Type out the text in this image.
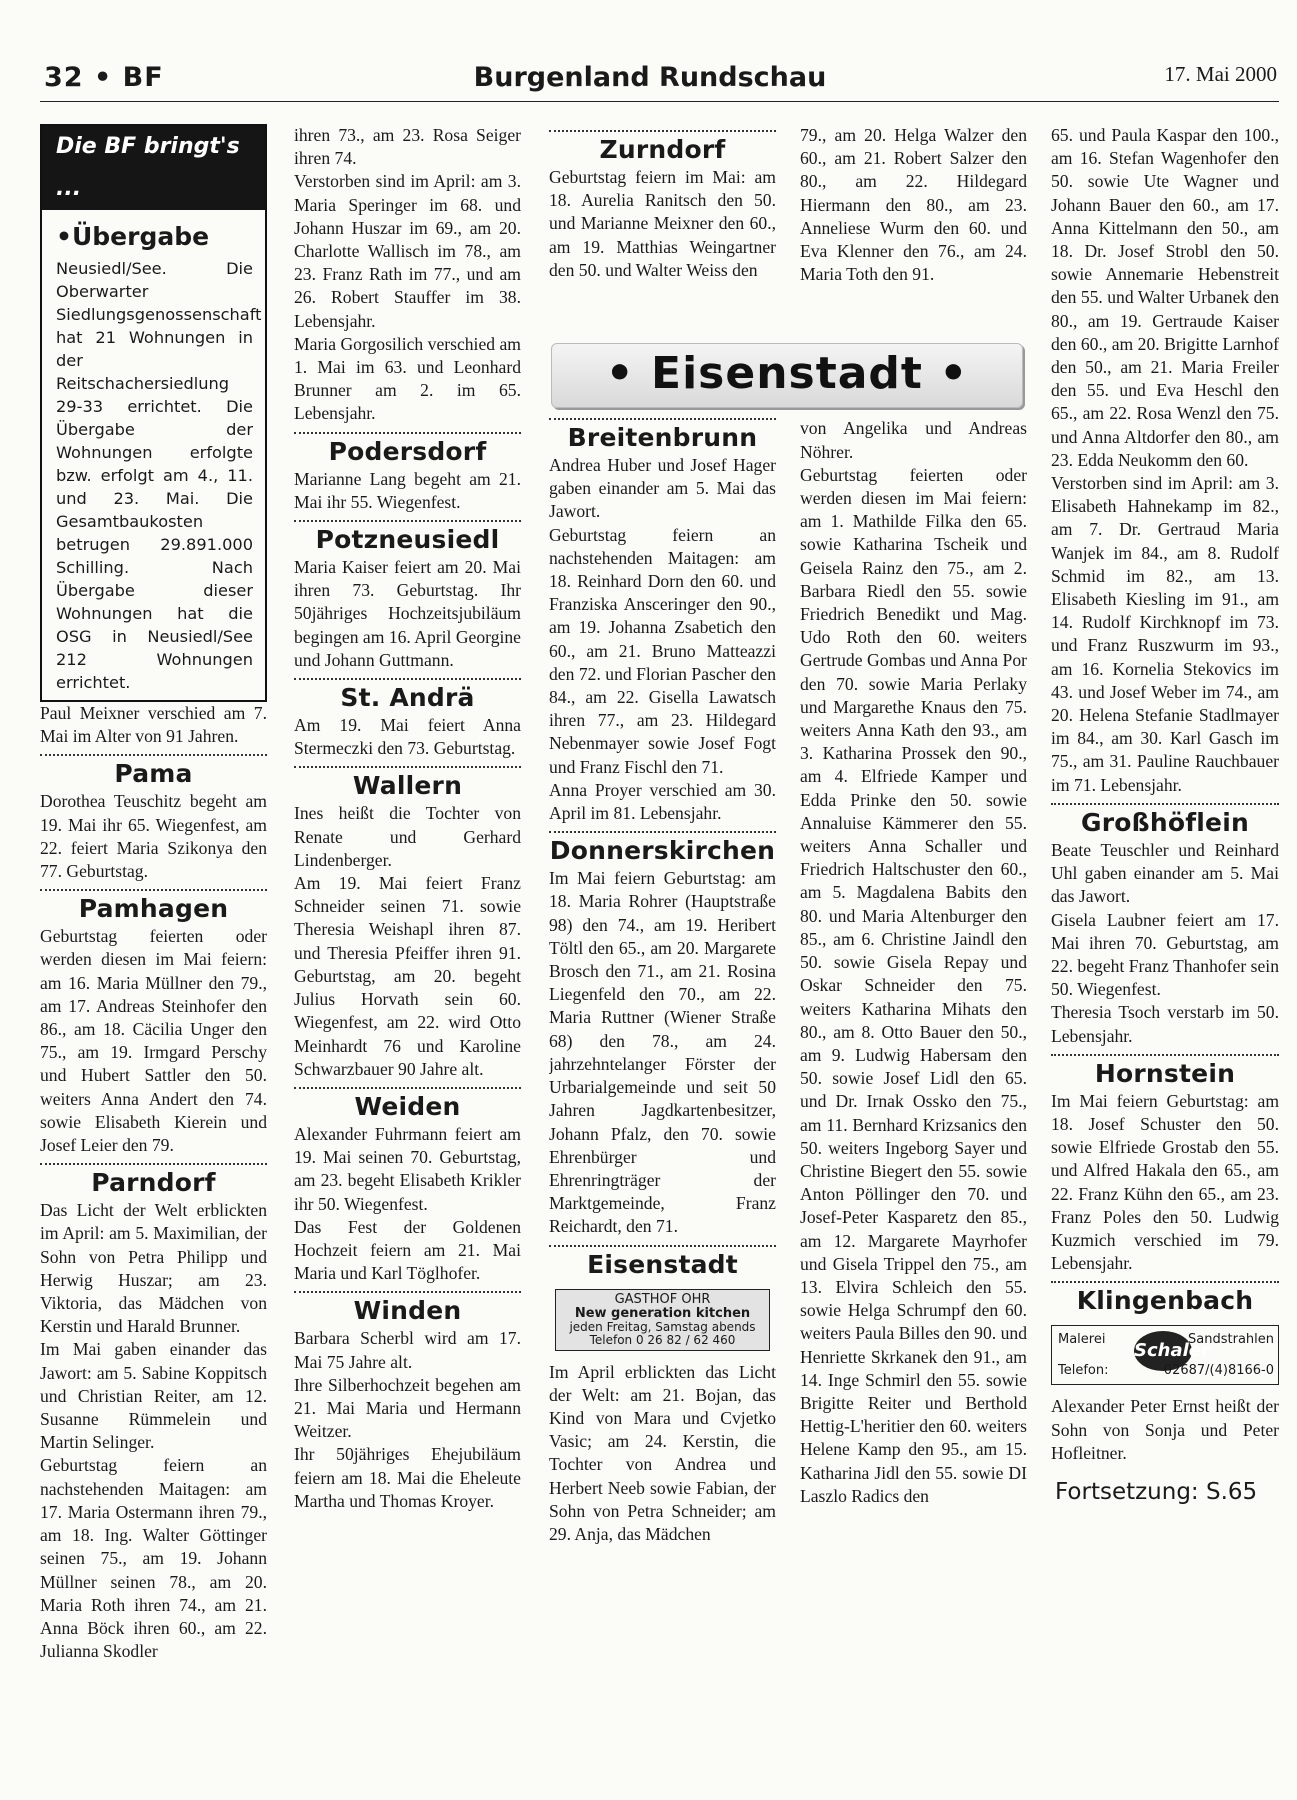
32 • BF	Burgenland Rundschau	17. Mai 2000
Die BF bringt's ...
•Übergabe
Neusiedl/See. Die Oberwarter Siedlungsgenossenschaft hat 21 Wohnungen in der Reitschachersiedlung 29-33 errichtet. Die Übergabe der Wohnungen erfolgte bzw. erfolgt am 4., 11. und 23. Mai. Die Gesamtbaukosten betrugen 29.891.000 Schilling. Nach Übergabe dieser Wohnungen hat die OSG in Neusiedl/See 212 Wohnungen errichtet.

Paul Meixner verschied am 7. Mai im Alter von 91 Jahren.

Pama

Dorothea Teuschitz begeht am 19. Mai ihr 65. Wiegenfest, am 22. feiert Maria Szikonya den 77. Geburtstag.

Pamhagen

Geburtstag feierten oder werden diesen im Mai feiern: am 16. Maria Müllner den 79., am 17. Andreas Steinhofer den 86., am 18. Cäcilia Unger den 75., am 19. Irmgard Perschy und Hubert Sattler den 50. weiters Anna Andert den 74. sowie Elisabeth Kierein und Josef Leier den 79.

Parndorf

Das Licht der Welt erblickten im April: am 5. Maximilian, der Sohn von Petra Philipp und Herwig Huszar; am 23. Viktoria, das Mädchen von Kerstin und Harald Brunner.

Im Mai gaben einander das Jawort: am 5. Sabine Koppitsch und Christian Reiter, am 12. Susanne Rümmelein und Martin Selinger.

Geburtstag feiern an nachstehenden Maitagen: am 17. Maria Ostermann ihren 79., am 18. Ing. Walter Göttinger seinen 75., am 19. Johann Müllner seinen 78., am 20. Maria Roth ihren 74., am 21. Anna Böck ihren 60., am 22. Julianna Skodler

ihren 73., am 23. Rosa Seiger ihren 74.

Verstorben sind im April: am 3. Maria Speringer im 68. und Johann Huszar im 69., am 20. Charlotte Wallisch im 78., am 23. Franz Rath im 77., und am 26. Robert Stauffer im 38. Lebensjahr.

Maria Gorgosilich verschied am 1. Mai im 63. und Leonhard Brunner am 2. im 65. Lebensjahr.

Podersdorf

Marianne Lang begeht am 21. Mai ihr 55. Wiegenfest.

Potzneusiedl

Maria Kaiser feiert am 20. Mai ihren 73. Geburtstag. Ihr 50jähriges Hochzeitsjubiläum begingen am 16. April Georgine und Johann Guttmann.

St. Andrä

Am 19. Mai feiert Anna Stermeczki den 73. Geburtstag.

Wallern

Ines heißt die Tochter von Renate und Gerhard Lindenberger.

Am 19. Mai feiert Franz Schneider seinen 71. sowie Theresia Weishapl ihren 87. und Theresia Pfeiffer ihren 91. Geburtstag, am 20. begeht Julius Horvath sein 60. Wiegenfest, am 22. wird Otto Meinhardt 76 und Karoline Schwarzbauer 90 Jahre alt.

Weiden

Alexander Fuhrmann feiert am 19. Mai seinen 70. Geburtstag, am 23. begeht Elisabeth Krikler ihr 50. Wiegenfest.

Das Fest der Goldenen Hochzeit feiern am 21. Mai Maria und Karl Töglhofer.

Winden

Barbara Scherbl wird am 17. Mai 75 Jahre alt.

Ihre Silberhochzeit begehen am 21. Mai Maria und Hermann Weitzer.

Ihr 50jähriges Ehejubiläum feiern am 18. Mai die Eheleute Martha und Thomas Kroyer.

Zurndorf

Geburtstag feiern im Mai: am 18. Aurelia Ranitsch den 50. und Marianne Meixner den 60., am 19. Matthias Weingartner den 50. und Walter Weiss den

Breitenbrunn

Andrea Huber und Josef Hager gaben einander am 5. Mai das Jawort.

Geburtstag feiern an nachstehenden Maitagen: am 18. Reinhard Dorn den 60. und Franziska Ansceringer den 90., am 19. Johanna Zsabetich den 60., am 21. Bruno Matteazzi den 72. und Florian Pascher den 84., am 22. Gisella Lawatsch ihren 77., am 23. Hildegard Nebenmayer sowie Josef Fogt und Franz Fischl den 71.

Anna Proyer verschied am 30. April im 81. Lebensjahr.

Donnerskirchen

Im Mai feiern Geburtstag: am 18. Maria Rohrer (Hauptstraße 98) den 74., am 19. Heribert Töltl den 65., am 20. Margarete Brosch den 71., am 21. Rosina Liegenfeld den 70., am 22. Maria Ruttner (Wiener Straße 68) den 78., am 24. jahrzehntelanger Förster der Urbarialgemeinde und seit 50 Jahren Jagdkartenbesitzer, Johann Pfalz, den 70. sowie Ehrenbürger und Ehrenringträger der Marktgemeinde, Franz Reichardt, den 71.

Eisenstadt
GASTHOF OHR
New generation kitchen
jeden Freitag, Samstag abends
Telefon 0 26 82 / 62 460

Im April erblickten das Licht der Welt: am 21. Bojan, das Kind von Mara und Cvjetko Vasic; am 24. Kerstin, die Tochter von Andrea und Herbert Neeb sowie Fabian, der Sohn von Petra Schneider; am 29. Anja, das Mädchen

79., am 20. Helga Walzer den 60., am 21. Robert Salzer den 80., am 22. Hildegard Hiermann den 80., am 23. Anneliese Wurm den 60. und Eva Klenner den 76., am 24. Maria Toth den 91.

von Angelika und Andreas Nöhrer.

Geburtstag feierten oder werden diesen im Mai feiern: am 1. Mathilde Filka den 65. sowie Katharina Tscheik und Geisela Rainz den 75., am 2. Barbara Riedl den 55. sowie Friedrich Benedikt und Mag. Udo Roth den 60. weiters Gertrude Gombas und Anna Por den 70. sowie Maria Perlaky und Margarethe Knaus den 75. weiters Anna Kath den 93., am 3. Katharina Prossek den 90., am 4. Elfriede Kamper und Edda Prinke den 50. sowie Annaluise Kämmerer den 55. weiters Anna Schaller und Friedrich Haltschuster den 60., am 5. Magdalena Babits den 80. und Maria Altenburger den 85., am 6. Christine Jaindl den 50. sowie Gisela Repay und Oskar Schneider den 75. weiters Katharina Mihats den 80., am 8. Otto Bauer den 50., am 9. Ludwig Habersam den 50. sowie Josef Lidl den 65. und Dr. Irnak Ossko den 75., am 11. Bernhard Krizsanics den 50. weiters Ingeborg Sayer und Christine Biegert den 55. sowie Anton Pöllinger den 70. und Josef-Peter Kasparetz den 85., am 12. Margarete Mayrhofer und Gisela Trippel den 75., am 13. Elvira Schleich den 55. sowie Helga Schrumpf den 60. weiters Paula Billes den 90. und Henriette Skrkanek den 91., am 14. Inge Schmirl den 55. sowie Brigitte Reiter und Berthold Hettig-L'heritier den 60. weiters Helene Kamp den 95., am 15. Katharina Jidl den 55. sowie DI Laszlo Radics den

65. und Paula Kaspar den 100., am 16. Stefan Wagenhofer den 50. sowie Ute Wagner und Johann Bauer den 60., am 17. Anna Kittelmann den 50., am 18. Dr. Josef Strobl den 50. sowie Annemarie Hebenstreit den 55. und Walter Urbanek den 80., am 19. Gertraude Kaiser den 60., am 20. Brigitte Larnhof den 50., am 21. Maria Freiler den 55. und Eva Heschl den 65., am 22. Rosa Wenzl den 75. und Anna Altdorfer den 80., am 23. Edda Neukomm den 60.

Verstorben sind im April: am 3. Elisabeth Hahnekamp im 82., am 7. Dr. Gertraud Maria Wanjek im 84., am 8. Rudolf Schmid im 82., am 13. Elisabeth Kiesling im 91., am 14. Rudolf Kirchknopf im 73. und Franz Ruszwurm im 93., am 16. Kornelia Stekovics im 43. und Josef Weber im 74., am 20. Helena Stefanie Stadlmayer im 84., am 30. Karl Gasch im 75., am 31. Pauline Rauchbauer im 71. Lebensjahr.

Großhöflein

Beate Teuschler und Reinhard Uhl gaben einander am 5. Mai das Jawort.

Gisela Laubner feiert am 17. Mai ihren 70. Geburtstag, am 22. begeht Franz Thanhofer sein 50. Wiegenfest.

Theresia Tsoch verstarb im 50. Lebensjahr.

Hornstein

Im Mai feiern Geburtstag: am 18. Josef Schuster den 50. sowie Elfriede Grostab den 55. und Alfred Hakala den 65., am 22. Franz Kühn den 65., am 23. Franz Poles den 50. Ludwig Kuzmich verschied im 79. Lebensjahr.

Klingenbach
Malerei
Schaler
Sandstrahlen
Telefon:	02687/(4)8166-0

Alexander Peter Ernst heißt der Sohn von Sonja und Peter Hofleitner.

Fortsetzung: S.65
• Eisenstadt •
